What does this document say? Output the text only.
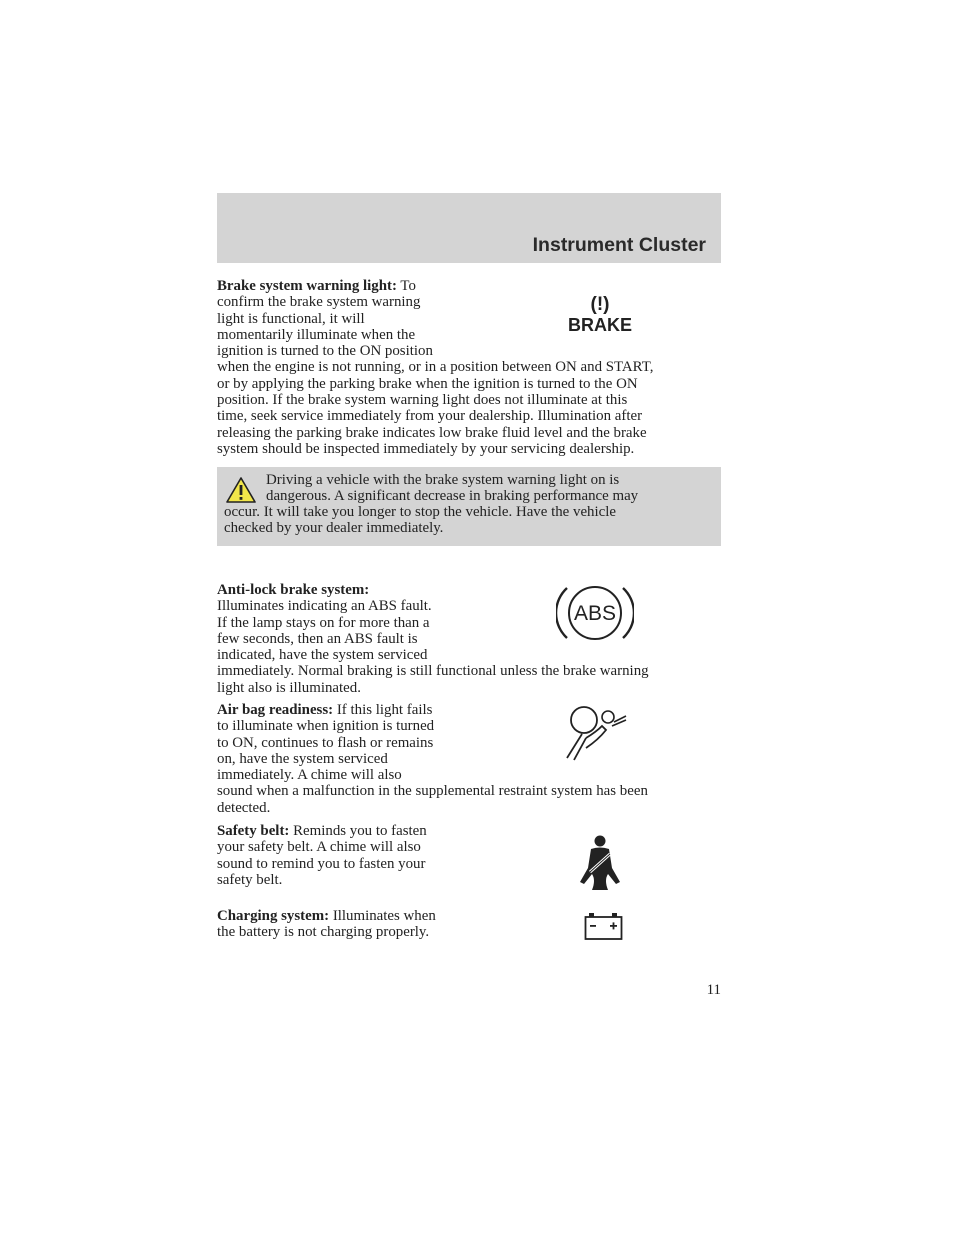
Instrument Cluster

Brake system warning light: To

confirm the brake system warning

light is functional, it will

momentarily illuminate when the

ignition is turned to the ON position

when the engine is not running, or in a position between ON and START,

or by applying the parking brake when the ignition is turned to the ON

position. If the brake system warning light does not illuminate at this

time, seek service immediately from your dealership. Illumination after

releasing the parking brake indicates low brake fluid level and the brake

system should be inspected immediately by your servicing dealership.

(!)
BRAKE

Driving a vehicle with the brake system warning light on is

dangerous. A significant decrease in braking performance may

occur. It will take you longer to stop the vehicle. Have the vehicle

checked by your dealer immediately.

Anti-lock brake system:

Illuminates indicating an ABS fault.

If the lamp stays on for more than a

few seconds, then an ABS fault is

indicated, have the system serviced

immediately. Normal braking is still functional unless the brake warning

light also is illuminated.

ABS

Air bag readiness: If this light fails

to illuminate when ignition is turned

to ON, continues to flash or remains

on, have the system serviced

immediately. A chime will also

sound when a malfunction in the supplemental restraint system has been

detected.

Safety belt: Reminds you to fasten

your safety belt. A chime will also

sound to remind you to fasten your

safety belt.

Charging system: Illuminates when

the battery is not charging properly.

11
